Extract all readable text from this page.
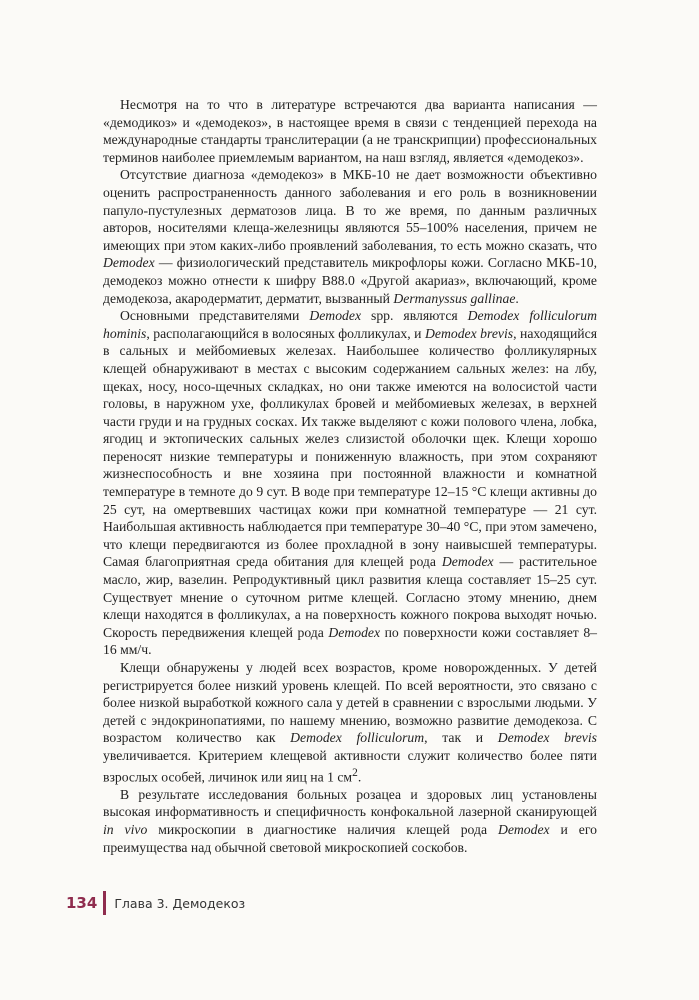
Несмотря на то что в литературе встречаются два варианта написания — «демодикоз» и «демодекоз», в настоящее время в связи с тенденцией перехода на международные стандарты транслитерации (а не транскрипции) профессиональных терминов наиболее приемлемым вариантом, на наш взгляд, является «демодекоз».

Отсутствие диагноза «демодекоз» в МКБ-10 не дает возможности объективно оценить распространенность данного заболевания и его роль в возникновении папуло-пустулезных дерматозов лица. В то же время, по данным различных авторов, носителями клеща-железницы являются 55–100% населения, причем не имеющих при этом каких-либо проявлений заболевания, то есть можно сказать, что Demodex — физиологический представитель микрофлоры кожи. Согласно МКБ-10, демодекоз можно отнести к шифру B88.0 «Другой акариаз», включающий, кроме демодекоза, акародерматит, дерматит, вызванный Dermanyssus gallinae.

Основными представителями Demodex spp. являются Demodex folliculorum hominis, располагающийся в волосяных фолликулах, и Demodex brevis, находящийся в сальных и мейбомиевых железах. Наибольшее количество фолликулярных клещей обнаруживают в местах с высоким содержанием сальных желез: на лбу, щеках, носу, носо-щечных складках, но они также имеются на волосистой части головы, в наружном ухе, фолликулах бровей и мейбомиевых железах, в верхней части груди и на грудных сосках. Их также выделяют с кожи полового члена, лобка, ягодиц и эктопических сальных желез слизистой оболочки щек. Клещи хорошо переносят низкие температуры и пониженную влажность, при этом сохраняют жизнеспособность и вне хозяина при постоянной влажности и комнатной температуре в темноте до 9 сут. В воде при температуре 12–15 °C клещи активны до 25 сут, на омертвевших частицах кожи при комнатной температуре — 21 сут. Наибольшая активность наблюдается при температуре 30–40 °C, при этом замечено, что клещи передвигаются из более прохладной в зону наивысшей температуры. Самая благоприятная среда обитания для клещей рода Demodex — растительное масло, жир, вазелин. Репродуктивный цикл развития клеща составляет 15–25 сут. Существует мнение о суточном ритме клещей. Согласно этому мнению, днем клещи находятся в фолликулах, а на поверхность кожного покрова выходят ночью. Скорость передвижения клещей рода Demodex по поверхности кожи составляет 8–16 мм/ч.

Клещи обнаружены у людей всех возрастов, кроме новорожденных. У детей регистрируется более низкий уровень клещей. По всей вероятности, это связано с более низкой выработкой кожного сала у детей в сравнении с взрослыми людьми. У детей с эндокринопатиями, по нашему мнению, возможно развитие демодекоза. С возрастом количество как Demodex folliculorum, так и Demodex brevis увеличивается. Критерием клещевой активности служит количество более пяти взрослых особей, личинок или яиц на 1 $см^2$.

В результате исследования больных розацеа и здоровых лиц установлены высокая информативность и специфичность конфокальной лазерной сканирующей in vivo микроскопии в диагностике наличия клещей рода Demodex и его преимущества над обычной световой микроскопией соскобов.

134 Глава 3. Демодекоз
